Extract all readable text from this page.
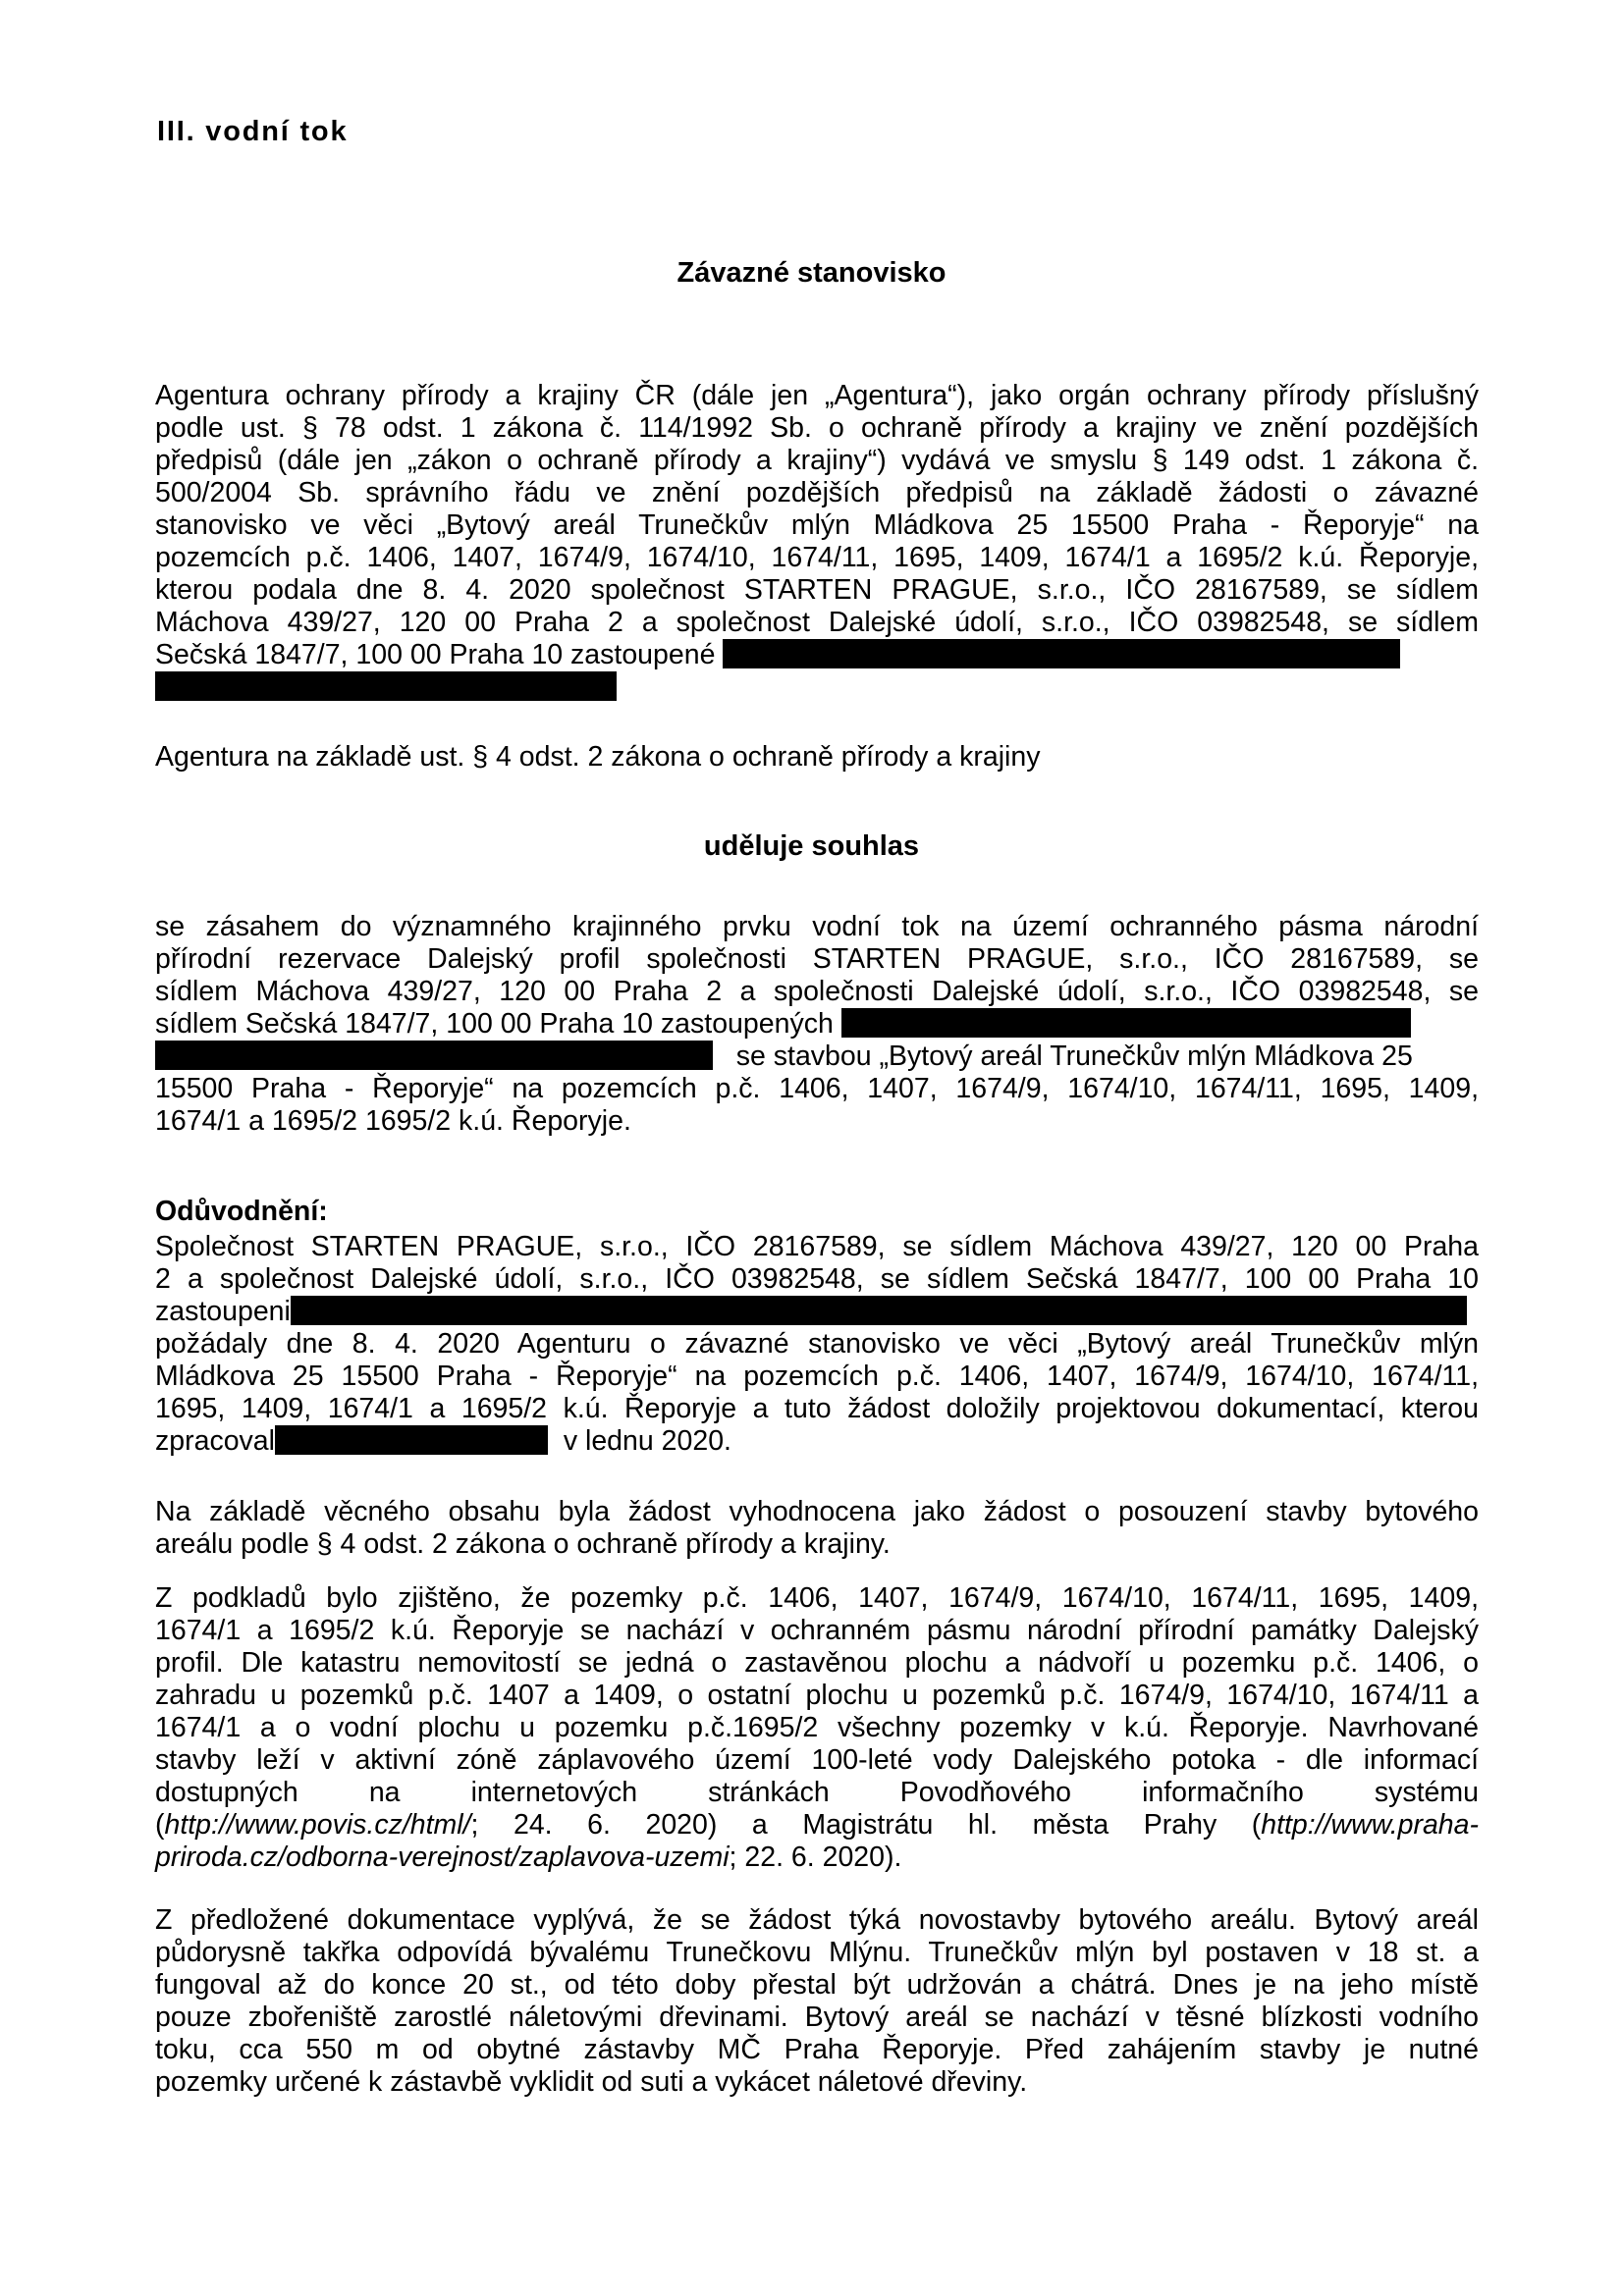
III. vodní tok
Závazné stanovisko
Agentura ochrany přírody a krajiny ČR (dále jen „Agentura“), jako orgán ochrany přírody příslušný
podle ust. § 78 odst. 1 zákona č. 114/1992 Sb. o ochraně přírody a krajiny ve znění pozdějších
předpisů (dále jen „zákon o ochraně přírody a krajiny“) vydává ve smyslu § 149 odst. 1 zákona č.
500/2004 Sb. správního řádu ve znění pozdějších předpisů na základě žádosti o závazné
stanovisko ve věci „Bytový areál Trunečkův mlýn Mládkova 25 15500 Praha - Řeporyje“ na
pozemcích p.č. 1406, 1407, 1674/9, 1674/10, 1674/11, 1695, 1409, 1674/1 a 1695/2 k.ú. Řeporyje,
kterou podala dne 8. 4. 2020 společnost STARTEN PRAGUE, s.r.o., IČO 28167589, se sídlem
Máchova 439/27, 120 00 Praha 2 a společnost Dalejské údolí, s.r.o., IČO 03982548, se sídlem
Sečská 1847/7, 100 00 Praha 10 zastoupené
Agentura na základě ust. § 4 odst. 2 zákona o ochraně přírody a krajiny
uděluje souhlas
se zásahem do významného krajinného prvku vodní tok na území ochranného pásma národní
přírodní rezervace Dalejský profil společnosti STARTEN PRAGUE, s.r.o., IČO 28167589, se
sídlem Máchova 439/27, 120 00 Praha 2 a společnosti Dalejské údolí, s.r.o., IČO 03982548, se
sídlem Sečská 1847/7, 100 00 Praha 10 zastoupených
se stavbou „Bytový areál Trunečkův mlýn Mládkova 25
15500 Praha - Řeporyje“ na pozemcích p.č. 1406, 1407, 1674/9, 1674/10, 1674/11, 1695, 1409,
1674/1 a 1695/2 1695/2 k.ú. Řeporyje.
Odůvodnění:
Společnost STARTEN PRAGUE, s.r.o., IČO 28167589, se sídlem Máchova 439/27, 120 00 Praha
2 a společnost Dalejské údolí, s.r.o., IČO 03982548, se sídlem Sečská 1847/7, 100 00 Praha 10
zastoupeni
požádaly dne 8. 4. 2020 Agenturu o závazné stanovisko ve věci „Bytový areál Trunečkův mlýn
Mládkova 25 15500 Praha - Řeporyje“ na pozemcích p.č. 1406, 1407, 1674/9, 1674/10, 1674/11,
1695, 1409, 1674/1 a 1695/2 k.ú. Řeporyje a tuto žádost doložily projektovou dokumentací, kterou
zpracoval	v lednu 2020.
Na základě věcného obsahu byla žádost vyhodnocena jako žádost o posouzení stavby bytového
areálu podle § 4 odst. 2 zákona o ochraně přírody a krajiny.
Z podkladů bylo zjištěno, že pozemky p.č. 1406, 1407, 1674/9, 1674/10, 1674/11, 1695, 1409,
1674/1 a 1695/2 k.ú. Řeporyje se nachází v ochranném pásmu národní přírodní památky Dalejský
profil. Dle katastru nemovitostí se jedná o zastavěnou plochu a nádvoří u pozemku p.č. 1406, o
zahradu u pozemků p.č. 1407 a 1409, o ostatní plochu u pozemků p.č. 1674/9, 1674/10, 1674/11 a
1674/1 a o vodní plochu u pozemku p.č.1695/2 všechny pozemky v k.ú. Řeporyje. Navrhované
stavby leží v aktivní zóně záplavového území 100-leté vody Dalejského potoka - dle informací
dostupných na internetových stránkách Povodňového informačního systému
(http://www.povis.cz/html/; 24. 6. 2020) a Magistrátu hl. města Prahy (http://www.praha-
priroda.cz/odborna-verejnost/zaplavova-uzemi; 22. 6. 2020).
Z předložené dokumentace vyplývá, že se žádost týká novostavby bytového areálu. Bytový areál
půdorysně takřka odpovídá bývalému Trunečkovu Mlýnu. Trunečkův mlýn byl postaven v 18 st. a
fungoval až do konce 20 st., od této doby přestal být udržován a chátrá. Dnes je na jeho místě
pouze zbořeniště zarostlé náletovými dřevinami. Bytový areál se nachází v těsné blízkosti vodního
toku, cca 550 m od obytné zástavby MČ Praha Řeporyje. Před zahájením stavby je nutné
pozemky určené k zástavbě vyklidit od suti a vykácet náletové dřeviny.
